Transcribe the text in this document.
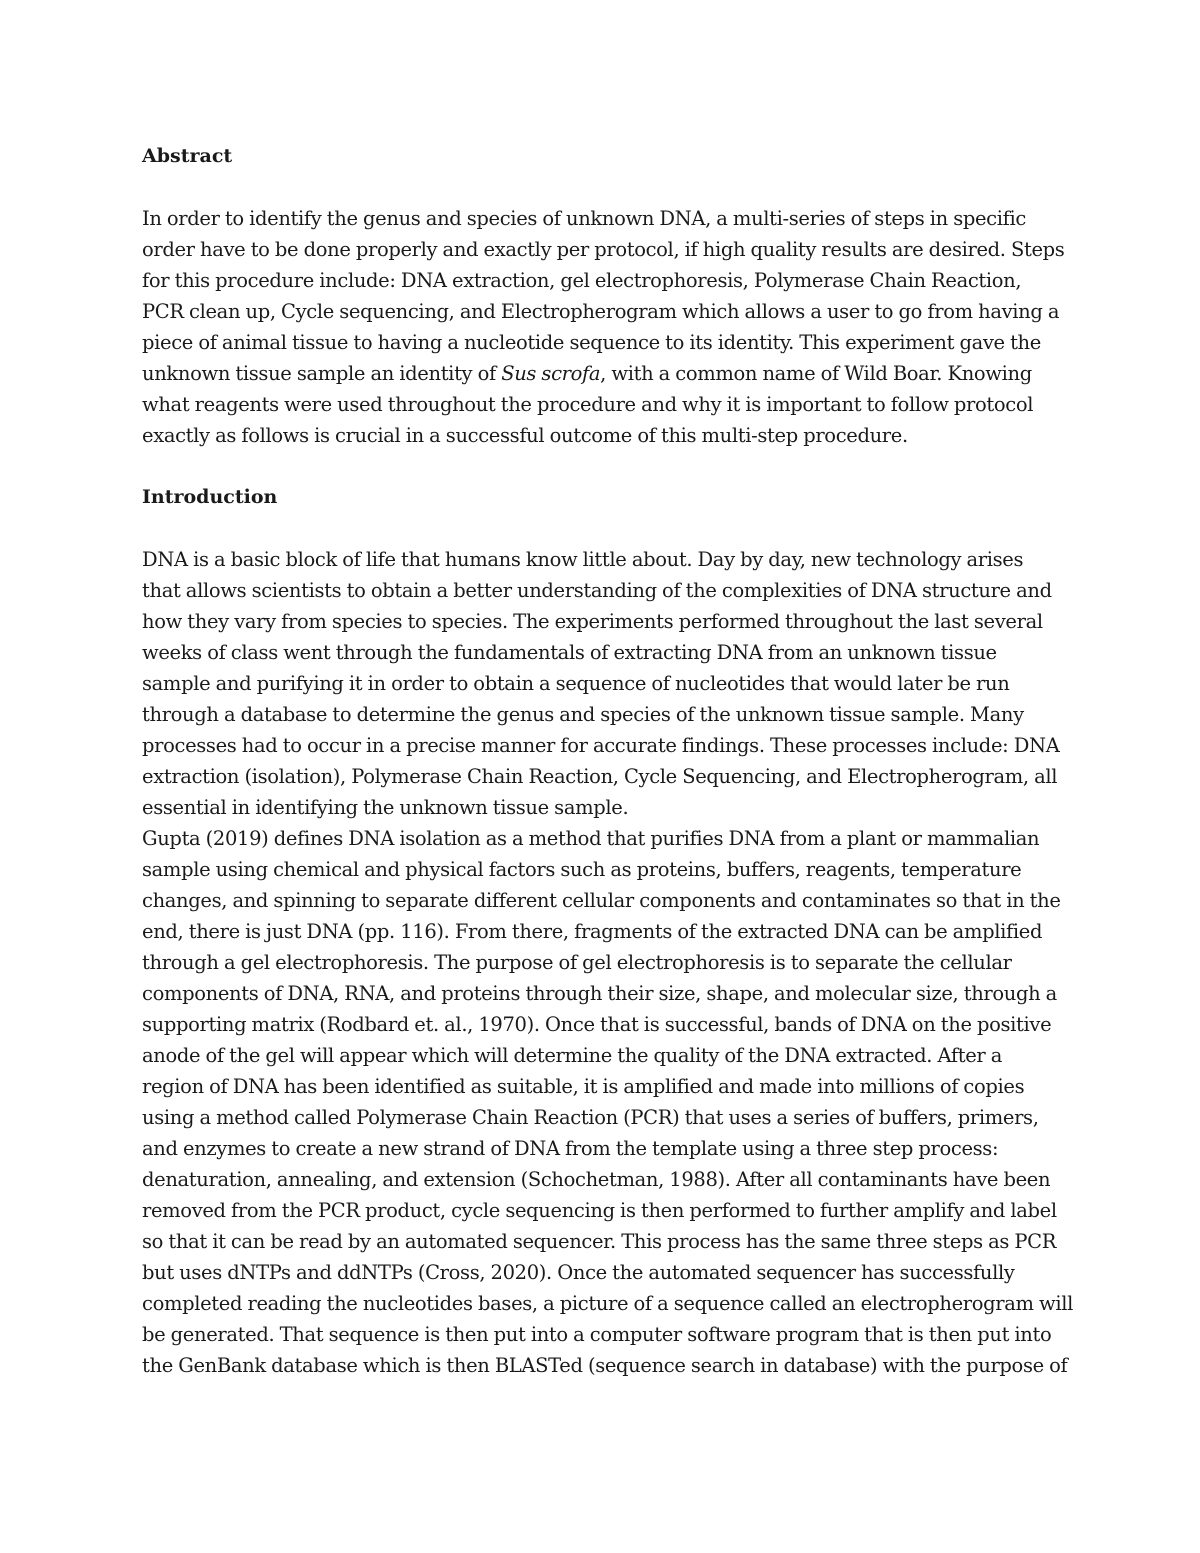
Abstract

In order to identify the genus and species of unknown DNA, a multi-series of steps in specific

order have to be done properly and exactly per protocol, if high quality results are desired. Steps

for this procedure include: DNA extraction, gel electrophoresis, Polymerase Chain Reaction,

PCR clean up, Cycle sequencing, and Electropherogram which allows a user to go from having a

piece of animal tissue to having a nucleotide sequence to its identity. This experiment gave the

unknown tissue sample an identity of Sus scrofa, with a common name of Wild Boar. Knowing

what reagents were used throughout the procedure and why it is important to follow protocol

exactly as follows is crucial in a successful outcome of this multi-step procedure.

Introduction

DNA is a basic block of life that humans know little about. Day by day, new technology arises

that allows scientists to obtain a better understanding of the complexities of DNA structure and

how they vary from species to species. The experiments performed throughout the last several

weeks of class went through the fundamentals of extracting DNA from an unknown tissue

sample and purifying it in order to obtain a sequence of nucleotides that would later be run

through a database to determine the genus and species of the unknown tissue sample. Many

processes had to occur in a precise manner for accurate findings. These processes include: DNA

extraction (isolation), Polymerase Chain Reaction, Cycle Sequencing, and Electropherogram, all

essential in identifying the unknown tissue sample.

Gupta (2019) defines DNA isolation as a method that purifies DNA from a plant or mammalian

sample using chemical and physical factors such as proteins, buffers, reagents, temperature

changes, and spinning to separate different cellular components and contaminates so that in the

end, there is just DNA (pp. 116). From there, fragments of the extracted DNA can be amplified

through a gel electrophoresis. The purpose of gel electrophoresis is to separate the cellular

components of DNA, RNA, and proteins through their size, shape, and molecular size, through a

supporting matrix (Rodbard et. al., 1970). Once that is successful, bands of DNA on the positive

anode of the gel will appear which will determine the quality of the DNA extracted. After a

region of DNA has been identified as suitable, it is amplified and made into millions of copies

using a method called Polymerase Chain Reaction (PCR) that uses a series of buffers, primers,

and enzymes to create a new strand of DNA from the template using a three step process:

denaturation, annealing, and extension (Schochetman, 1988). After all contaminants have been

removed from the PCR product, cycle sequencing is then performed to further amplify and label

so that it can be read by an automated sequencer. This process has the same three steps as PCR

but uses dNTPs and ddNTPs (Cross, 2020). Once the automated sequencer has successfully

completed reading the nucleotides bases, a picture of a sequence called an electropherogram will

be generated. That sequence is then put into a computer software program that is then put into

the GenBank database which is then BLASTed (sequence search in database) with the purpose of
